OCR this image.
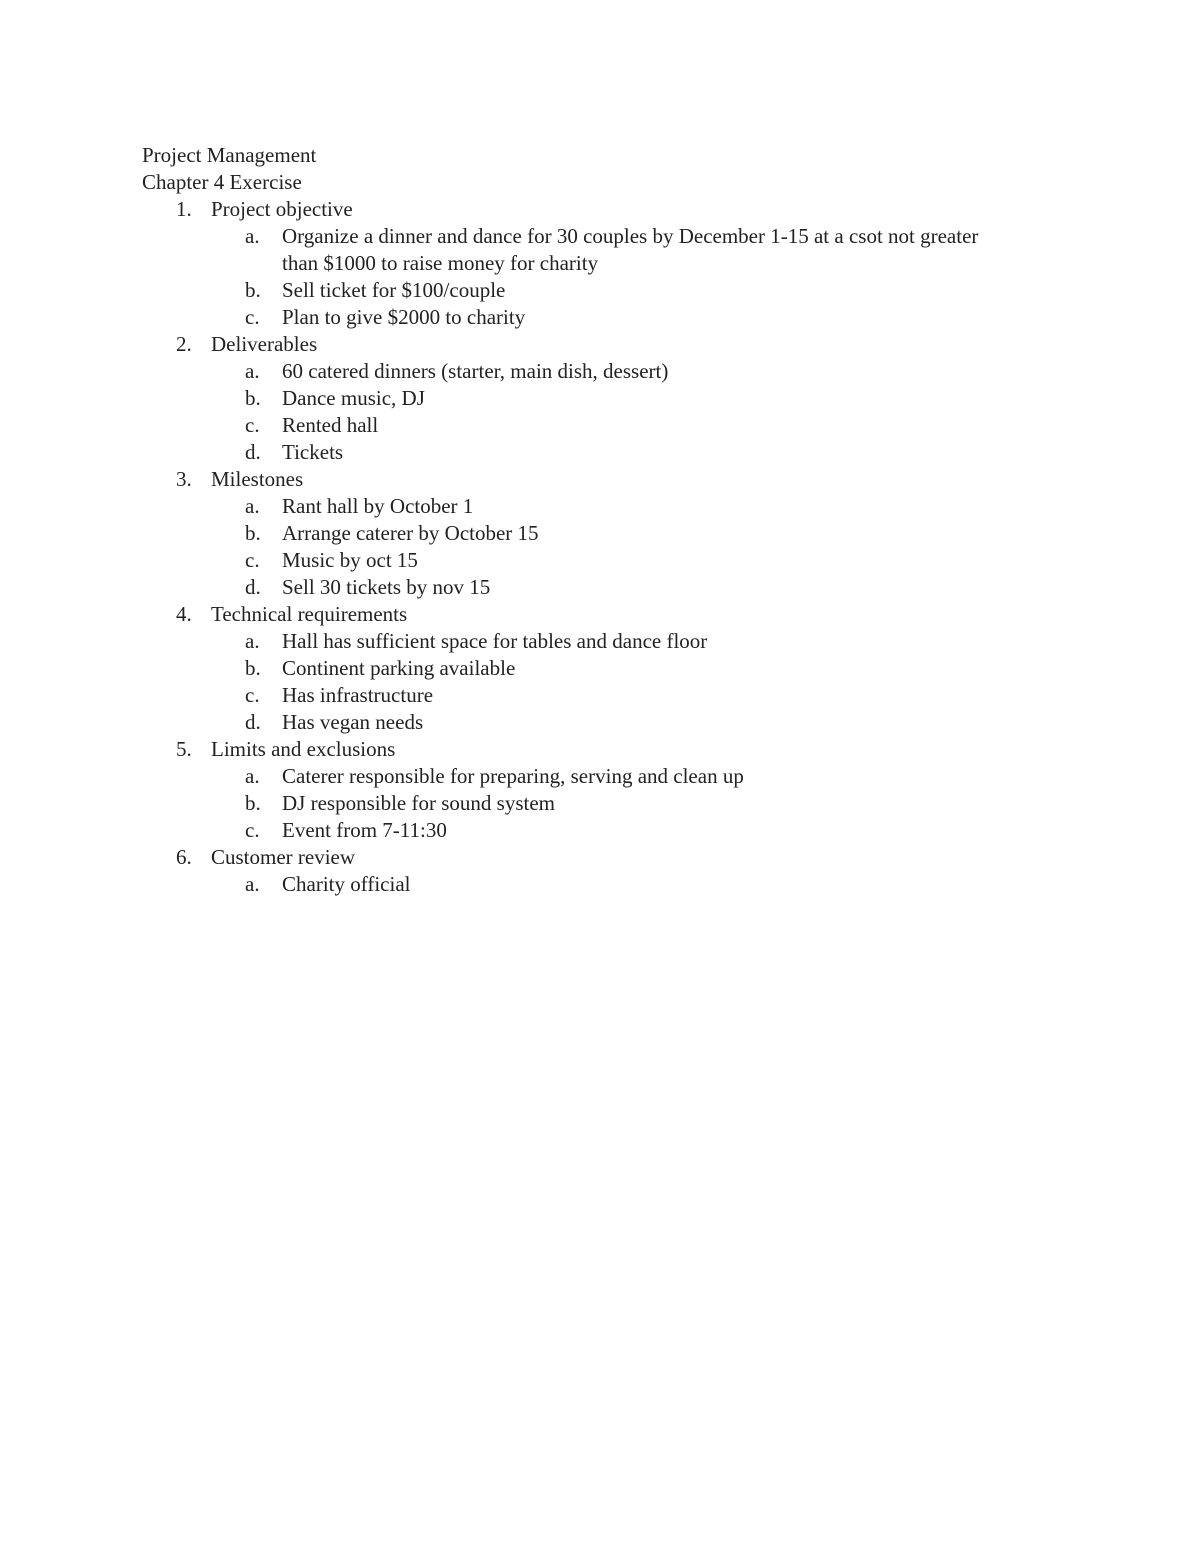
Project Management

Chapter 4 Exercise

1. Project objective
a. Organize a dinner and dance for 30 couples by December 1-15 at a csot not greater than $1000 to raise money for charity
b. Sell ticket for $100/couple
c. Plan to give $2000 to charity
2. Deliverables
a. 60 catered dinners (starter, main dish, dessert)
b. Dance music, DJ
c. Rented hall
d. Tickets
3. Milestones
a. Rant hall by October 1
b. Arrange caterer by October 15
c. Music by oct 15
d. Sell 30 tickets by nov 15
4. Technical requirements
a. Hall has sufficient space for tables and dance floor
b. Continent parking available
c. Has infrastructure
d. Has vegan needs
5. Limits and exclusions
a. Caterer responsible for preparing, serving and clean up
b. DJ responsible for sound system
c. Event from 7-11:30
6. Customer review
a. Charity official
